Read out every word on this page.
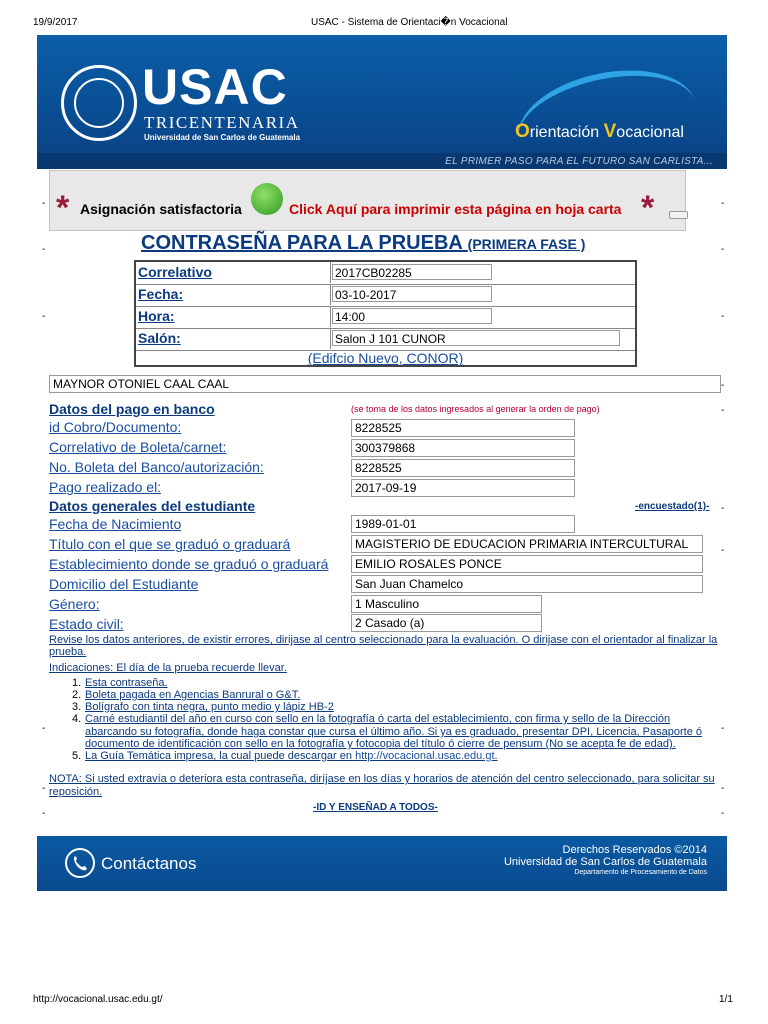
19/9/2017	USAC - Sistema de Orientaci�n Vocacional
USAC
TRICENTENARIA
Universidad de San Carlos de Guatemala	Orientación Vocacional
EL PRIMER PASO PARA EL FUTURO SAN CARLISTA...
* Asignación satisfactoria	Click Aquí para imprimir esta página en hoja carta *
-	-
-	-
-	-
-
-
-
-
-	-
-	-
-	-
CONTRASEÑA PARA LA PRUEBA (PRIMERA FASE )
Correlativo	2017CB02285
Fecha:	03-10-2017
Hora:	14:00
Salón:	Salon J 101 CUNOR
(Edifcio Nuevo, CONOR)
MAYNOR OTONIEL CAAL CAAL
Datos del pago en banco	(se toma de los datos ingresados al generar la orden de pago)
id Cobro/Documento:	8228525
Correlativo de Boleta/carnet:	300379868
No. Boleta del Banco/autorización:	8228525
Pago realizado el:	2017-09-19
Datos generales del estudiante	-encuestado(1)-
Fecha de Nacimiento	1989-01-01
Título con el que se graduó o graduará	MAGISTERIO DE EDUCACION PRIMARIA INTERCULTURAL
Establecimiento donde se graduó o graduará	EMILIO ROSALES PONCE
Domicilio del Estudiante	San Juan Chamelco
Género:	1 Masculino
Estado civil:	2 Casado (a)
Revise los datos anteriores, de existir errores, dirijase al centro seleccionado para la evaluación. O dirijase con el orientador al finalizar la
prueba.
Indicaciones: El día de la prueba recuerde llevar.
1. Esta contraseña.
2. Boleta pagada en Agencias Banrural o G&T.
3. Bolígrafo con tinta negra, punto medio y lápiz HB-2
4. Carné estudiantil del año en curso con sello en la fotografía ó carta del establecimiento, con firma y sello de la Dirección
abarcando su fotografía, donde haga constar que cursa el último año. Si ya es graduado, presentar DPI, Licencia, Pasaporte ó
documento de identificación con sello en la fotografía y fotocopia del título ó cierre de pensum (No se acepta fe de edad).
5. La Guía Temática impresa, la cual puede descargar en http://vocacional.usac.edu.gt.
NOTA: Si usted extravía o deteriora esta contraseña, diríjase en los días y horarios de atención del centro seleccionado, para solicitar su
reposición.
-ID Y ENSEÑAD A TODOS-
Contáctanos
Derechos Reservados ©2014
Universidad de San Carlos de Guatemala
Departamento de Procesamiento de Datos
http://vocacional.usac.edu.gt/	1/1
